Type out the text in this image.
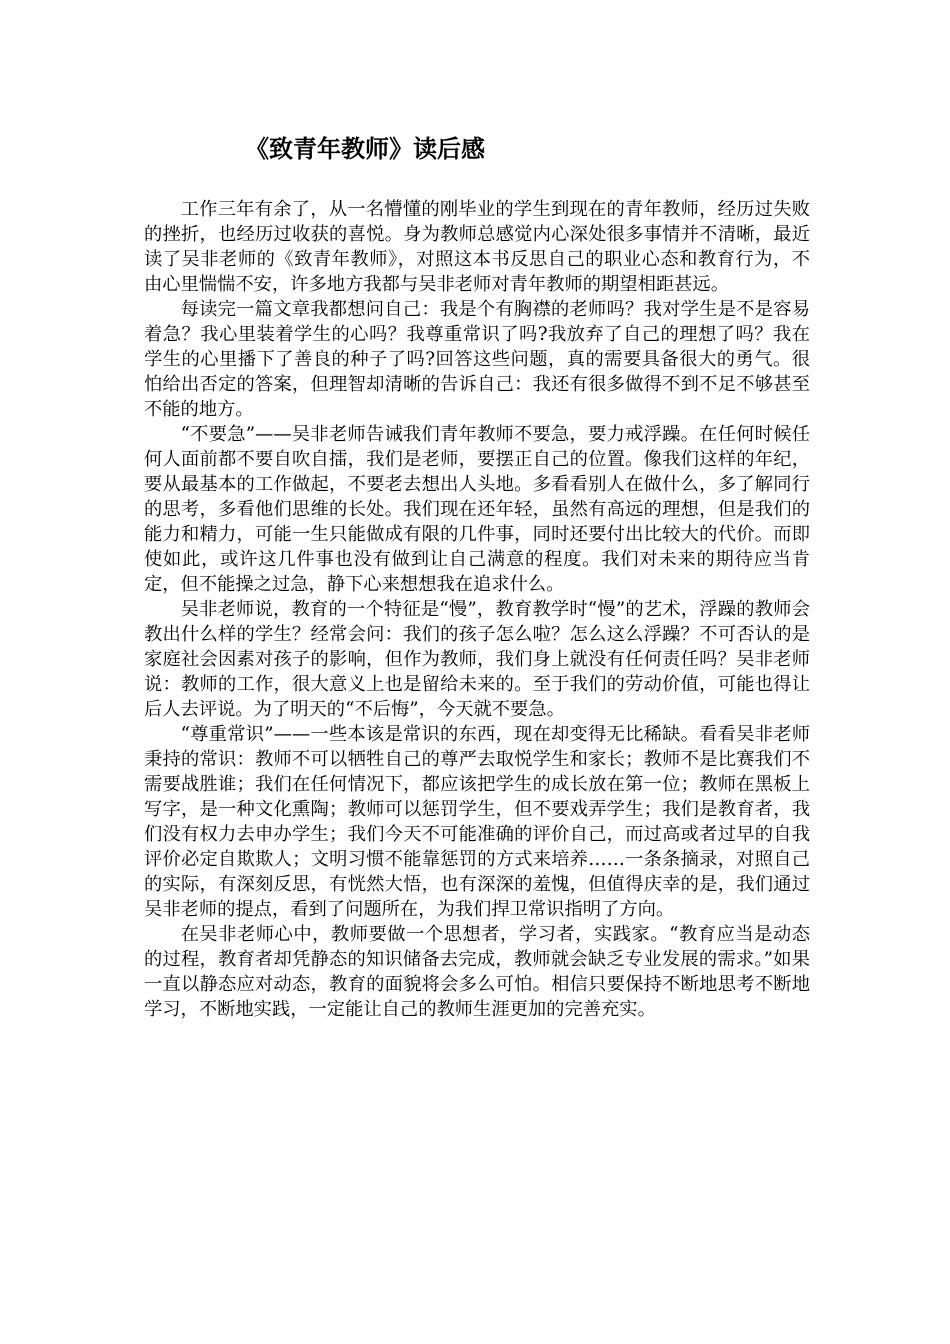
《致青年教师》读后感

工作三年有余了，从一名懵懂的刚毕业的学生到现在的青年教师，经历过失败的挫折，也经历过收获的喜悦。身为教师总感觉内心深处很多事情并不清晰，最近读了吴非老师的《致青年教师》，对照这本书反思自己的职业心态和教育行为，不由心里惴惴不安，许多地方我都与吴非老师对青年教师的期望相距甚远。

每读完一篇文章我都想问自己：我是个有胸襟的老师吗？我对学生是不是容易着急？我心里装着学生的心吗？我尊重常识了吗?我放弃了自己的理想了吗？我在学生的心里播下了善良的种子了吗?回答这些问题，真的需要具备很大的勇气。很怕给出否定的答案，但理智却清晰的告诉自己：我还有很多做得不到不足不够甚至不能的地方。

“不要急”——吴非老师告诫我们青年教师不要急，要力戒浮躁。在任何时候任何人面前都不要自吹自擂，我们是老师，要摆正自己的位置。像我们这样的年纪，要从最基本的工作做起，不要老去想出人头地。多看看别人在做什么，多了解同行的思考，多看他们思维的长处。我们现在还年轻，虽然有高远的理想，但是我们的能力和精力，可能一生只能做成有限的几件事，同时还要付出比较大的代价。而即使如此，或许这几件事也没有做到让自己满意的程度。我们对未来的期待应当肯定，但不能操之过急，静下心来想想我在追求什么。

吴非老师说，教育的一个特征是“慢”，教育教学时“慢”的艺术，浮躁的教师会教出什么样的学生？经常会问：我们的孩子怎么啦？怎么这么浮躁？不可否认的是家庭社会因素对孩子的影响，但作为教师，我们身上就没有任何责任吗？吴非老师说：教师的工作，很大意义上也是留给未来的。至于我们的劳动价值，可能也得让后人去评说。为了明天的“不后悔”，今天就不要急。

“尊重常识”——一些本该是常识的东西，现在却变得无比稀缺。看看吴非老师秉持的常识：教师不可以牺牲自己的尊严去取悦学生和家长；教师不是比赛我们不需要战胜谁；我们在任何情况下，都应该把学生的成长放在第一位；教师在黑板上写字，是一种文化熏陶；教师可以惩罚学生，但不要戏弄学生；我们是教育者，我们没有权力去申办学生；我们今天不可能准确的评价自己，而过高或者过早的自我评价必定自欺欺人；文明习惯不能靠惩罚的方式来培养……一条条摘录，对照自己的实际，有深刻反思，有恍然大悟，也有深深的羞愧，但值得庆幸的是，我们通过吴非老师的提点，看到了问题所在，为我们捍卫常识指明了方向。

在吴非老师心中，教师要做一个思想者，学习者，实践家。“教育应当是动态的过程，教育者却凭静态的知识储备去完成，教师就会缺乏专业发展的需求。”如果一直以静态应对动态，教育的面貌将会多么可怕。相信只要保持不断地思考不断地学习，不断地实践，一定能让自己的教师生涯更加的完善充实。
